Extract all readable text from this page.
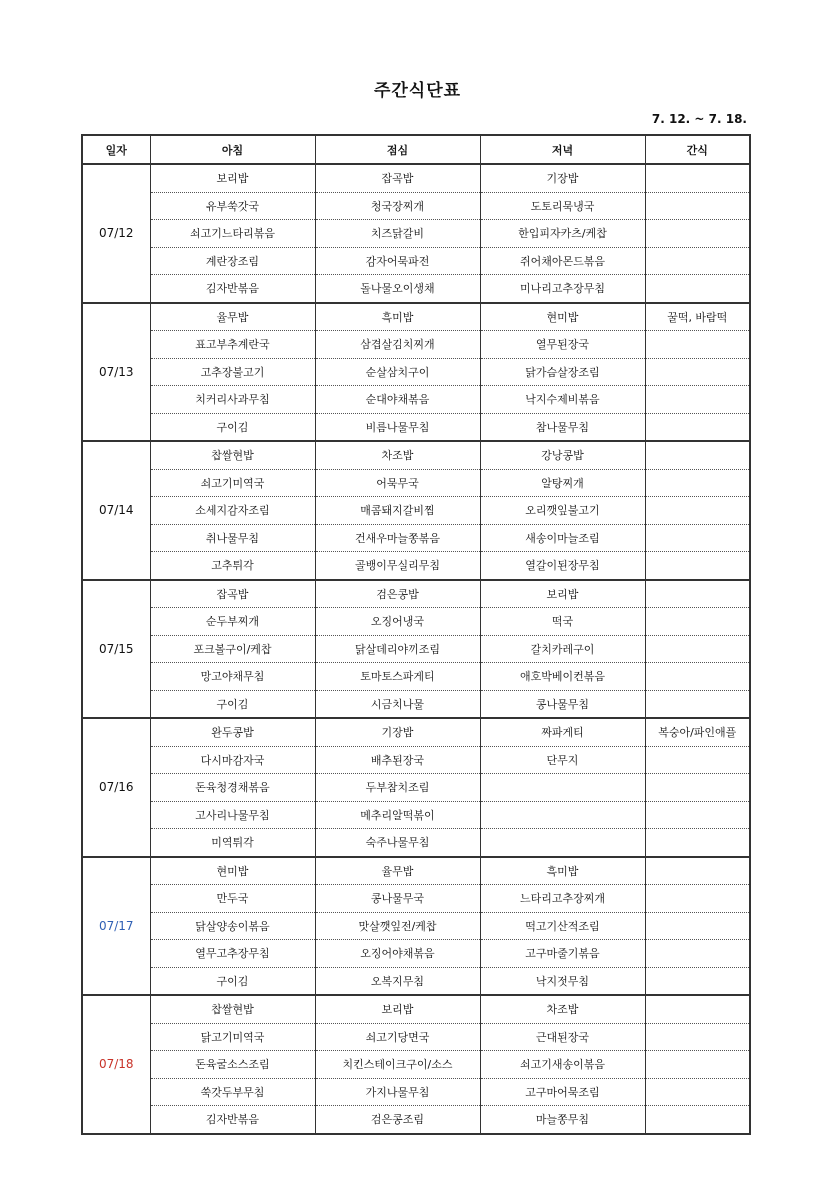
주간식단표
7. 12. ~ 7. 18.
일자	아침	점심	저녁	간식
07/12	보리밥	잡곡밥	기장밥	
	유부쑥갓국	청국장찌개	도토리묵냉국	
	쇠고기느타리볶음	치즈닭갈비	한입피자카츠/케찹	
	계란장조림	감자어묵파전	쥐어채아몬드볶음	
	김자반볶음	돌나물오이생채	미나리고추장무침	
07/13	율무밥	흑미밥	현미밥	꿀떡, 바람떡
	표고부추계란국	삼겹살김치찌개	열무된장국	
	고추장불고기	순살삼치구이	닭가슴살장조림	
	치커리사과무침	순대야채볶음	낙지수제비볶음	
	구이김	비름나물무침	참나물무침	
07/14	찹쌀현밥	차조밥	강낭콩밥	
	쇠고기미역국	어묵무국	알탕찌개	
	소세지감자조림	매콤돼지갈비찜	오리깻잎불고기	
	취나물무침	건새우마늘쫑볶음	새송이마늘조림	
	고추튀각	골뱅이무실리무침	열갈이된장무침	
07/15	잡곡밥	검은콩밥	보리밥	
	순두부찌개	오징어냉국	떡국	
	포크볼구이/케찹	닭살데리야끼조림	갈치카레구이	
	망고야채무침	토마토스파게티	애호박베이컨볶음	
	구이김	시금치나물	콩나물무침	
07/16	완두콩밥	기장밥	짜파게티	복숭아/파인애플
	다시마감자국	배추된장국	단무지	
	돈육청경채볶음	두부참치조림		
	고사리나물무침	메추리알떡볶이		
	미역튀각	숙주나물무침		
07/17	현미밥	율무밥	흑미밥	
	만두국	콩나물무국	느타리고추장찌개	
	닭살양송이볶음	맛살깻잎전/케찹	떡고기산적조림	
	열무고추장무침	오징어야채볶음	고구마줄기볶음	
	구이김	오복지무침	낙지젓무침	
07/18	찹쌀현밥	보리밥	차조밥	
	닭고기미역국	쇠고기당면국	근대된장국	
	돈육굴소스조림	치킨스테이크구이/소스	쇠고기새송이볶음	
	쑥갓두부무침	가지나물무침	고구마어묵조림	
	김자반볶음	검은콩조림	마늘쫑무침	
